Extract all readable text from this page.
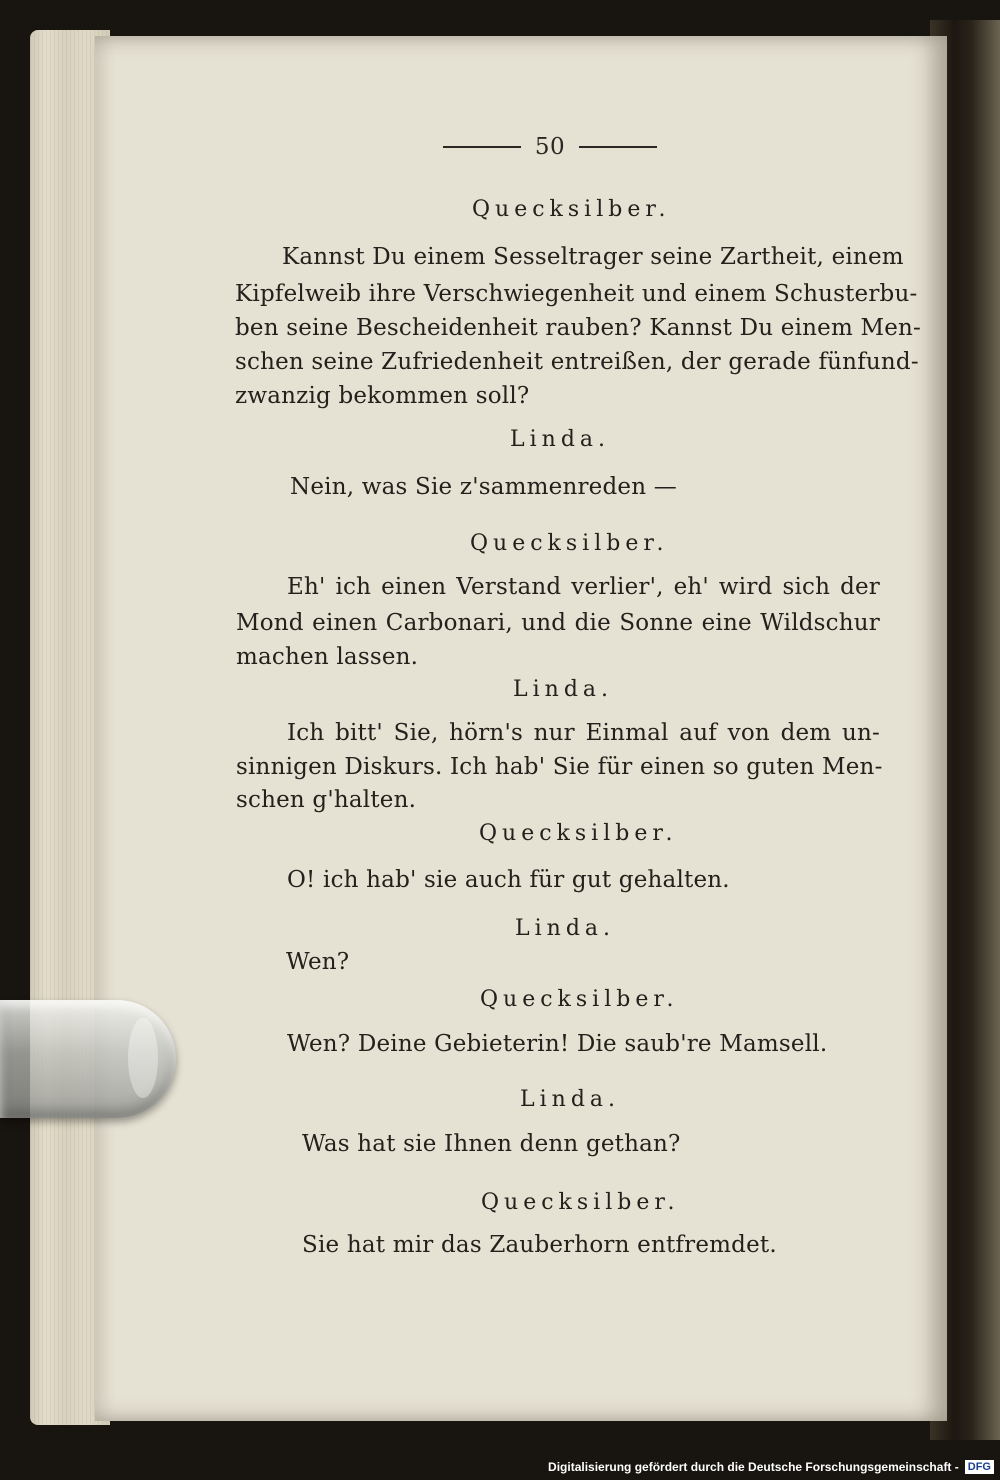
50
Quecksilber.
Kannst Du einem Sesseltrager seine Zartheit, einem
Kipfelweib ihre Verschwiegenheit und einem Schusterbu-
ben seine Bescheidenheit rauben? Kannst Du einem Men-
schen seine Zufriedenheit entreißen, der gerade fünfund-
zwanzig bekommen soll?
Linda.
Nein, was Sie z'sammenreden —
Quecksilber.
Eh' ich einen Verstand verlier', eh' wird sich der
Mond einen Carbonari, und die Sonne eine Wildschur
machen lassen.
Linda.
Ich bitt' Sie, hörn's nur Einmal auf von dem un-
sinnigen Diskurs. Ich hab' Sie für einen so guten Men-
schen g'halten.
Quecksilber.
O! ich hab' sie auch für gut gehalten.
Linda.
Wen?
Quecksilber.
Wen? Deine Gebieterin! Die saub're Mamsell.
Linda.
Was hat sie Ihnen denn gethan?
Quecksilber.
Sie hat mir das Zauberhorn entfremdet.
Digitalisierung gefördert durch die Deutsche Forschungsgemeinschaft - DFG
